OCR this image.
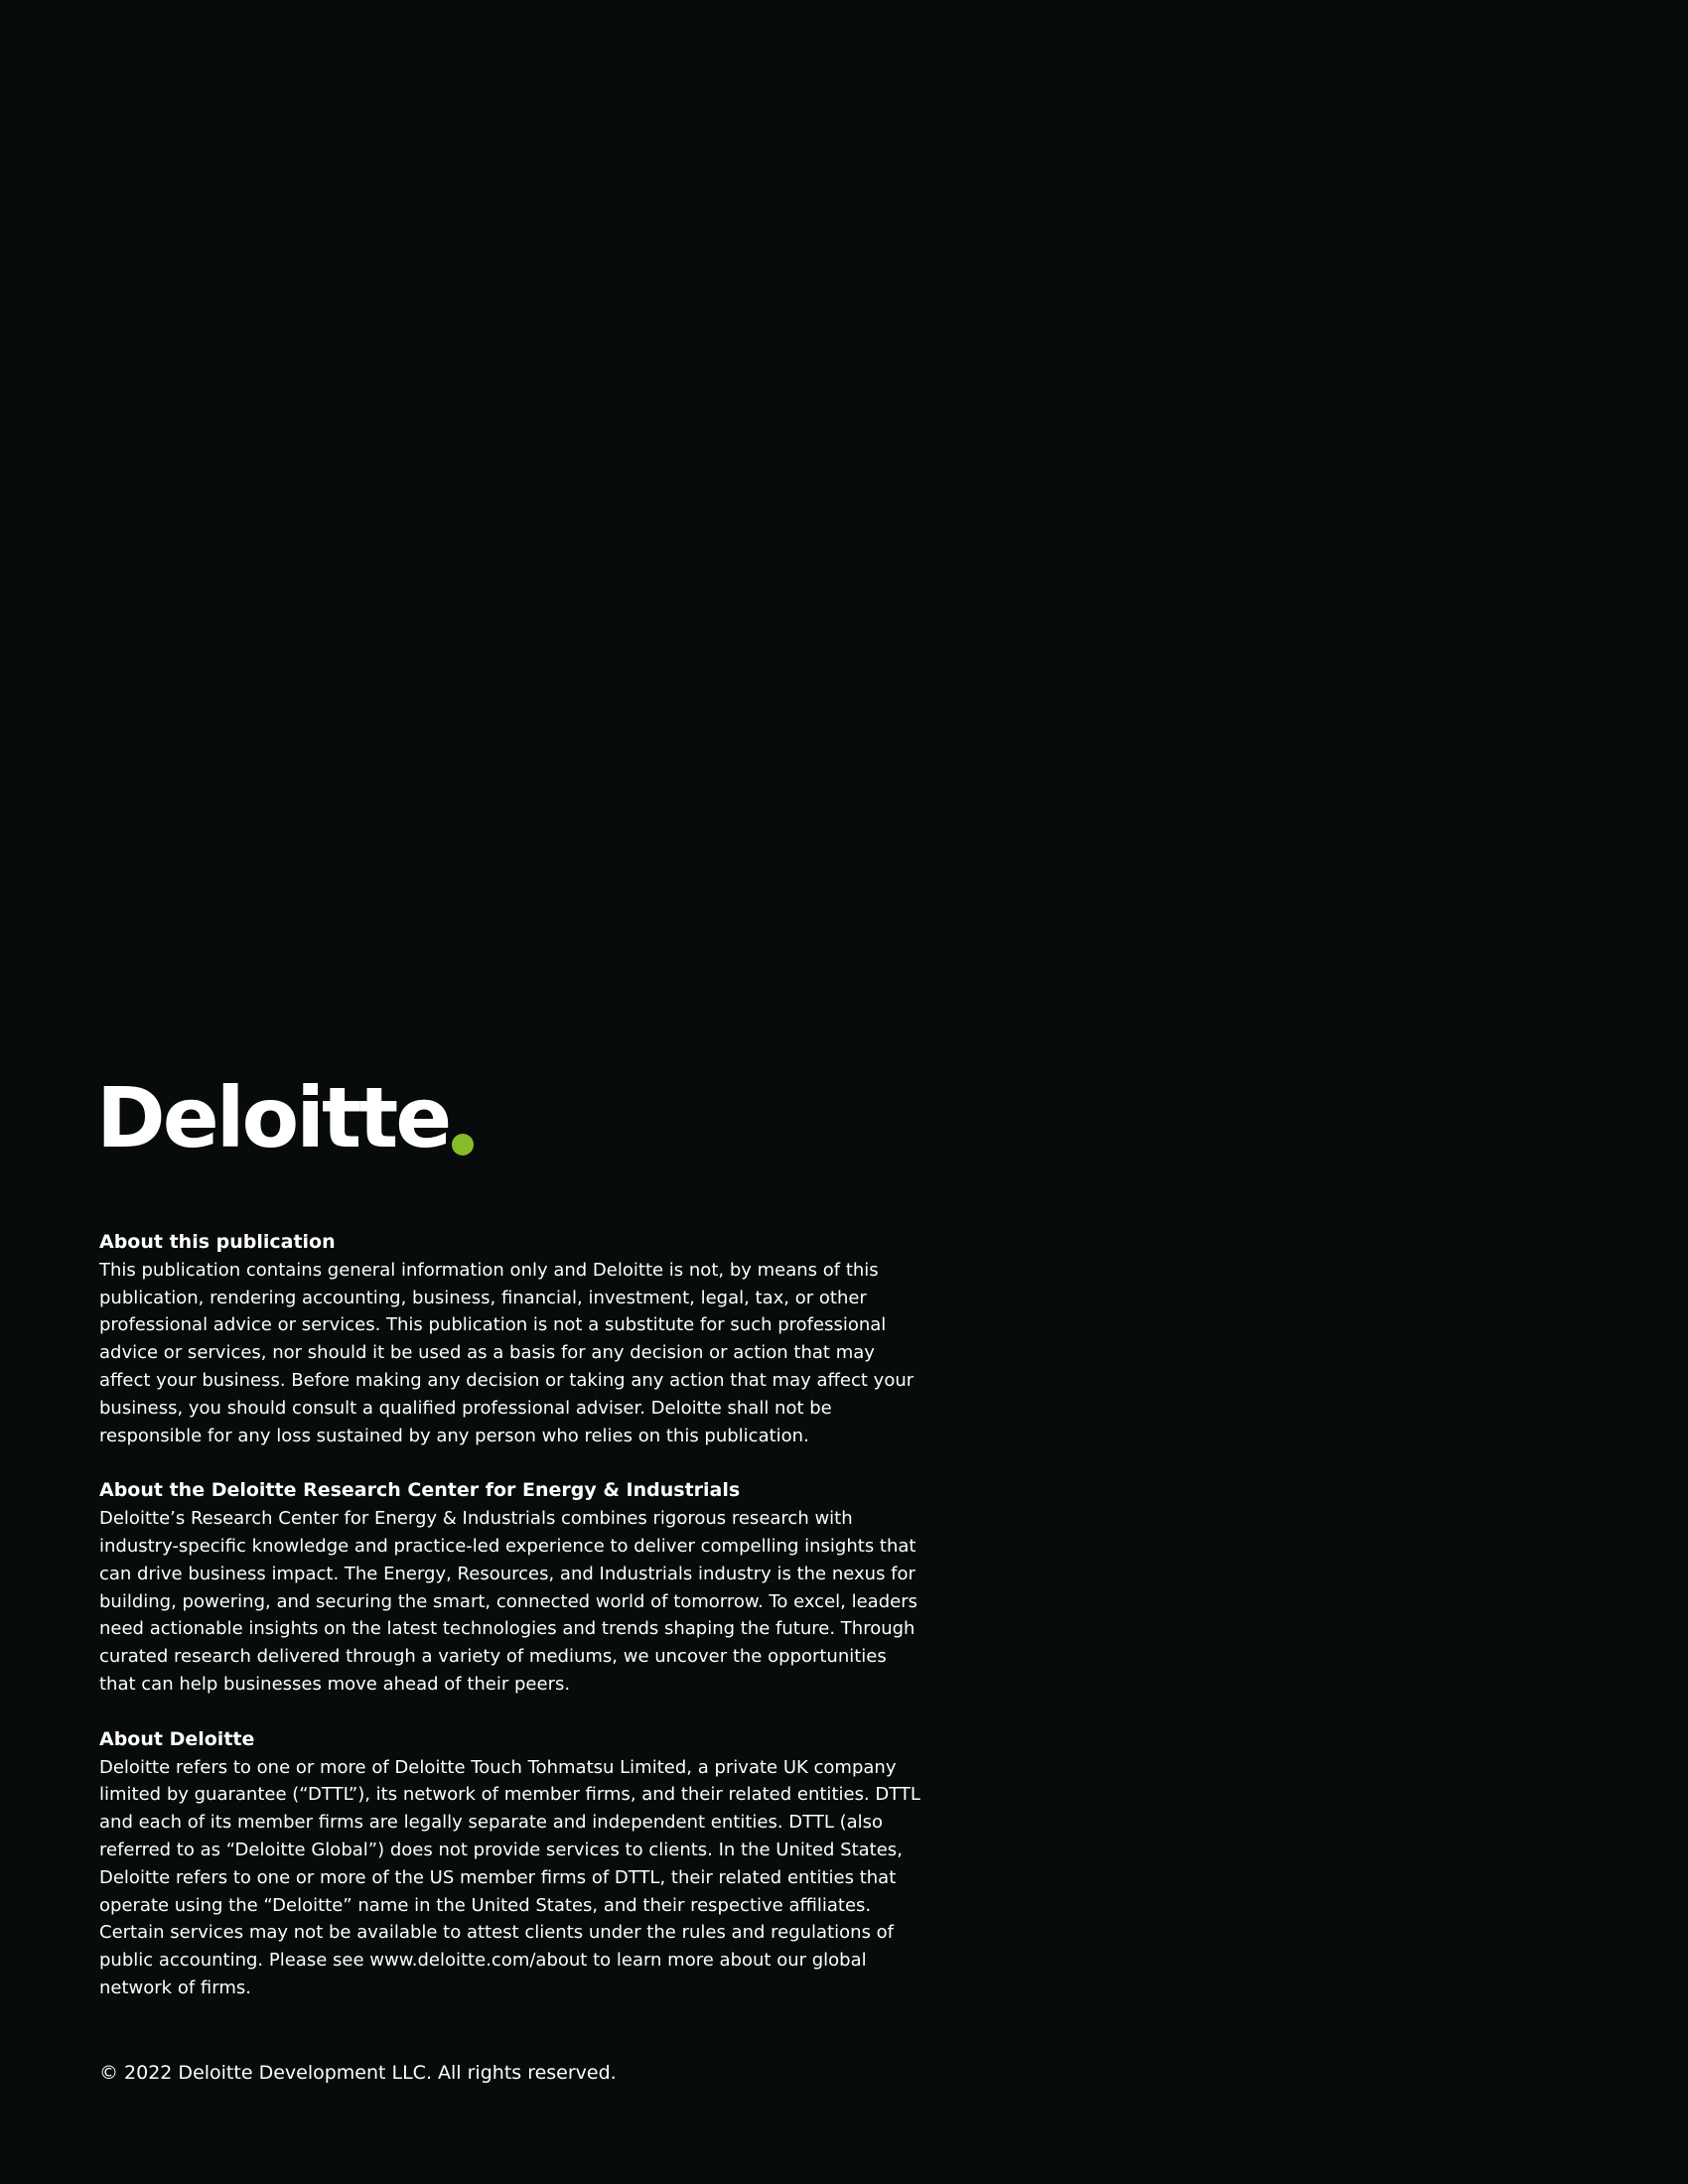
Deloitte

About this publication

This publication contains general information only and Deloitte is not, by means of this publication, rendering accounting, business, financial, investment, legal, tax, or other professional advice or services. This publication is not a substitute for such professional advice or services, nor should it be used as a basis for any decision or action that may affect your business. Before making any decision or taking any action that may affect your business, you should consult a qualified professional adviser. Deloitte shall not be responsible for any loss sustained by any person who relies on this publication.

About the Deloitte Research Center for Energy & Industrials

Deloitte’s Research Center for Energy & Industrials combines rigorous research with industry-specific knowledge and practice-led experience to deliver compelling insights that can drive business impact. The Energy, Resources, and Industrials industry is the nexus for building, powering, and securing the smart, connected world of tomorrow. To excel, leaders need actionable insights on the latest technologies and trends shaping the future. Through curated research delivered through a variety of mediums, we uncover the opportunities that can help businesses move ahead of their peers.

About Deloitte

Deloitte refers to one or more of Deloitte Touch Tohmatsu Limited, a private UK company limited by guarantee (“DTTL”), its network of member firms, and their related entities. DTTL and each of its member firms are legally separate and independent entities. DTTL (also referred to as “Deloitte Global”) does not provide services to clients. In the United States, Deloitte refers to one or more of the US member firms of DTTL, their related entities that operate using the “Deloitte” name in the United States, and their respective affiliates. Certain services may not be available to attest clients under the rules and regulations of public accounting. Please see www.deloitte.com/about to learn more about our global network of firms.

© 2022 Deloitte Development LLC. All rights reserved.
